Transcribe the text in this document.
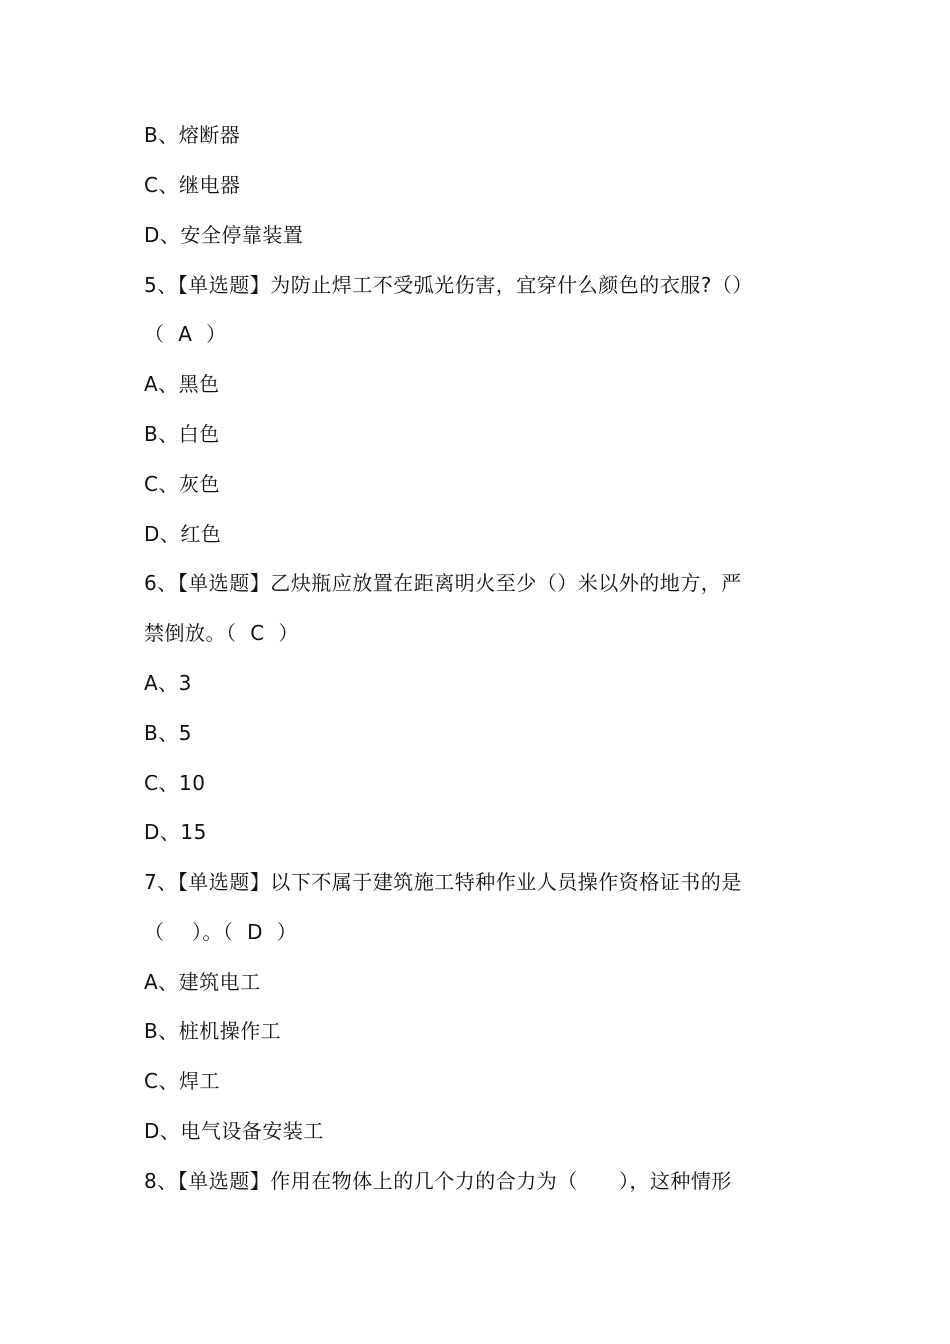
B、熔断器
C、继电器
D、安全停靠装置
5、【单选题】为防止焊工不受弧光伤害，宜穿什么颜色的衣服?（）
（  A  ）
A、黑色
B、白色
C、灰色
D、红色
6、【单选题】乙炔瓶应放置在距离明火至少（）米以外的地方，严
禁倒放。（  C  ）
A、3
B、5
C、10
D、15
7、【单选题】以下不属于建筑施工特种作业人员操作资格证书的是
（    ）。（  D  ）
A、建筑电工
B、桩机操作工
C、焊工
D、电气设备安装工
8、【单选题】作用在物体上的几个力的合力为（      ），这种情形
